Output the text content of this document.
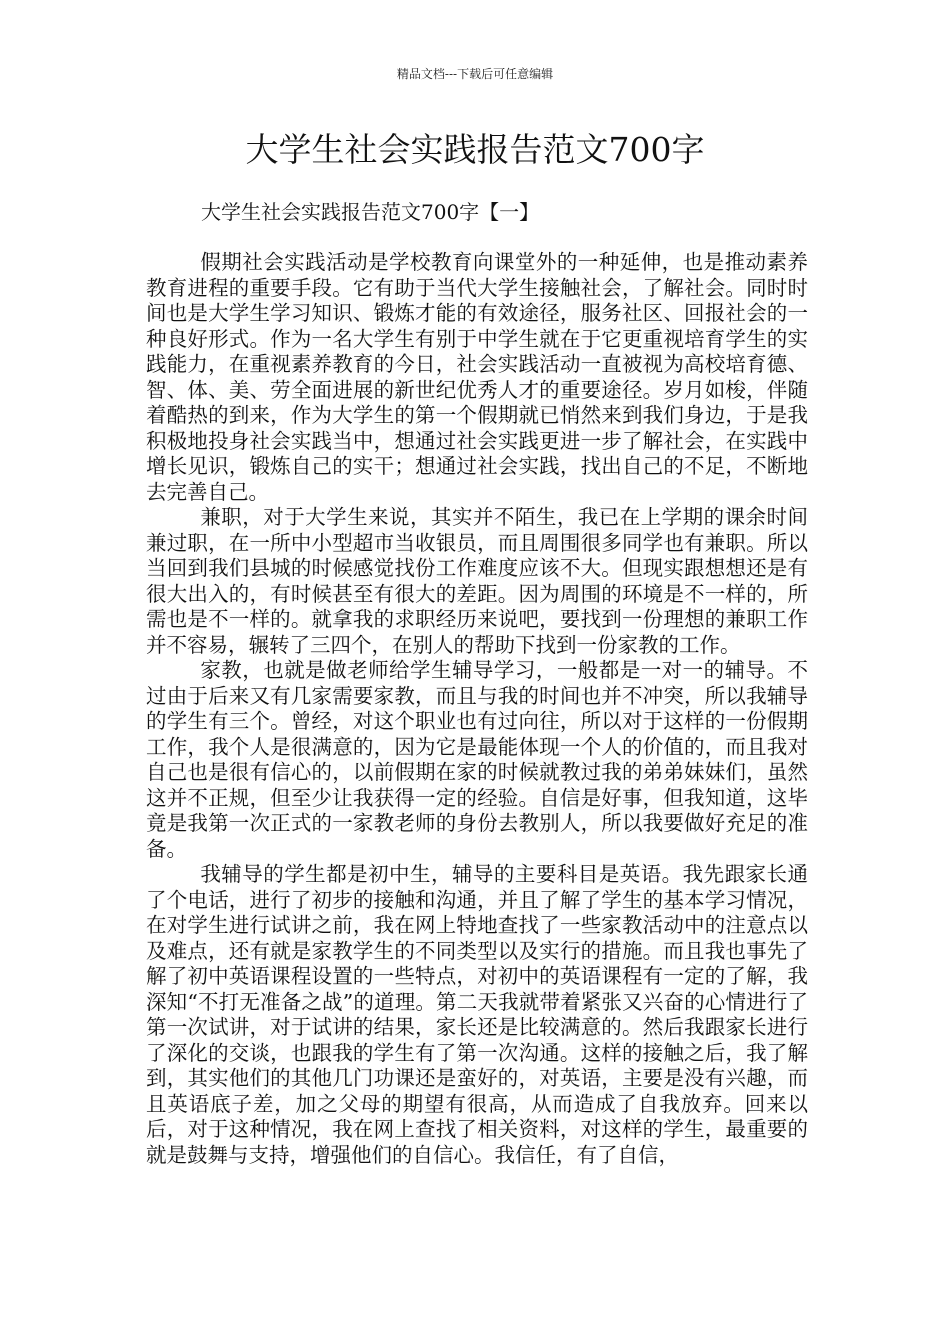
精品文档---下载后可任意编辑
大学生社会实践报告范文700字
大学生社会实践报告范文700字【一】

假期社会实践活动是学校教育向课堂外的一种延伸，也是推动素养教育进程的重要手段。它有助于当代大学生接触社会，了解社会。同时时间也是大学生学习知识、锻炼才能的有效途径，服务社区、回报社会的一种良好形式。作为一名大学生有别于中学生就在于它更重视培育学生的实践能力，在重视素养教育的今日，社会实践活动一直被视为高校培育德、智、体、美、劳全面进展的新世纪优秀人才的重要途径。岁月如梭，伴随着酷热的到来，作为大学生的第一个假期就已悄然来到我们身边，于是我积极地投身社会实践当中，想通过社会实践更进一步了解社会，在实践中增长见识，锻炼自己的实干；想通过社会实践，找出自己的不足，不断地去完善自己。

兼职，对于大学生来说，其实并不陌生，我已在上学期的课余时间兼过职，在一所中小型超市当收银员，而且周围很多同学也有兼职。所以当回到我们县城的时候感觉找份工作难度应该不大。但现实跟想想还是有很大出入的，有时候甚至有很大的差距。因为周围的环境是不一样的，所需也是不一样的。就拿我的求职经历来说吧，要找到一份理想的兼职工作并不容易，辗转了三四个，在别人的帮助下找到一份家教的工作。

家教，也就是做老师给学生辅导学习，一般都是一对一的辅导。不过由于后来又有几家需要家教，而且与我的时间也并不冲突，所以我辅导的学生有三个。曾经，对这个职业也有过向往，所以对于这样的一份假期工作，我个人是很满意的，因为它是最能体现一个人的价值的，而且我对自己也是很有信心的，以前假期在家的时候就教过我的弟弟妹妹们，虽然这并不正规，但至少让我获得一定的经验。自信是好事，但我知道，这毕竟是我第一次正式的一家教老师的身份去教别人，所以我要做好充足的准备。

我辅导的学生都是初中生，辅导的主要科目是英语。我先跟家长通了个电话，进行了初步的接触和沟通，并且了解了学生的基本学习情况，在对学生进行试讲之前，我在网上特地查找了一些家教活动中的注意点以及难点，还有就是家教学生的不同类型以及实行的措施。而且我也事先了解了初中英语课程设置的一些特点，对初中的英语课程有一定的了解，我深知“不打无准备之战”的道理。第二天我就带着紧张又兴奋的心情进行了第一次试讲，对于试讲的结果，家长还是比较满意的。然后我跟家长进行了深化的交谈，也跟我的学生有了第一次沟通。这样的接触之后，我了解到，其实他们的其他几门功课还是蛮好的，对英语，主要是没有兴趣，而且英语底子差，加之父母的期望有很高，从而造成了自我放弃。回来以后，对于这种情况，我在网上查找了相关资料，对这样的学生，最重要的就是鼓舞与支持，增强他们的自信心。我信任，有了自信，
